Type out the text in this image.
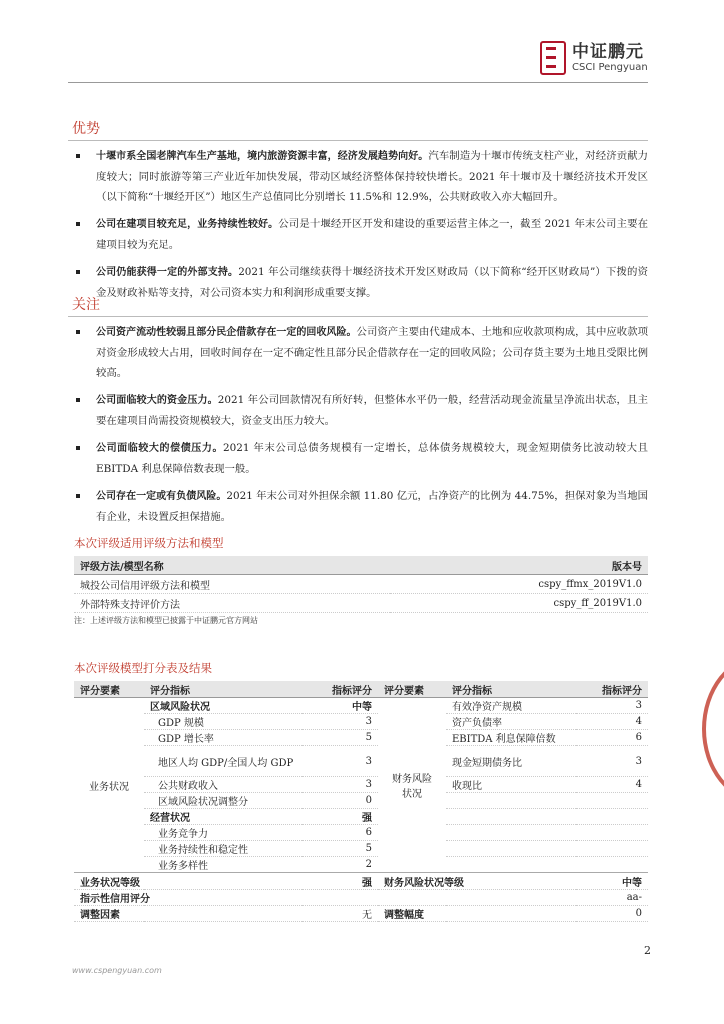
中证鹏元
CSCI Pengyuan
优势
十堰市系全国老牌汽车生产基地，境内旅游资源丰富，经济发展趋势向好。汽车制造为十堰市传统支柱产业，对经济贡献力度较大；同时旅游等第三产业近年加快发展，带动区域经济整体保持较快增长。2021 年十堰市及十堰经济技术开发区（以下简称“十堰经开区”）地区生产总值同比分别增长 11.5%和 12.9%，公共财政收入亦大幅回升。
公司在建项目较充足，业务持续性较好。公司是十堰经开区开发和建设的重要运营主体之一，截至 2021 年末公司主要在建项目较为充足。
公司仍能获得一定的外部支持。2021 年公司继续获得十堰经济技术开发区财政局（以下简称“经开区财政局”）下拨的资金及财政补贴等支持，对公司资本实力和利润形成重要支撑。
关注
公司资产流动性较弱且部分民企借款存在一定的回收风险。公司资产主要由代建成本、土地和应收款项构成，其中应收款项对资金形成较大占用，回收时间存在一定不确定性且部分民企借款存在一定的回收风险；公司存货主要为土地且受限比例较高。
公司面临较大的资金压力。2021 年公司回款情况有所好转，但整体水平仍一般，经营活动现金流量呈净流出状态，且主要在建项目尚需投资规模较大，资金支出压力较大。
公司面临较大的偿债压力。2021 年末公司总债务规模有一定增长，总体债务规模较大，现金短期债务比波动较大且 EBITDA 利息保障倍数表现一般。
公司存在一定或有负债风险。2021 年末公司对外担保余额 11.80 亿元，占净资产的比例为 44.75%，担保对象为当地国有企业，未设置反担保措施。
本次评级适用评级方法和模型
评级方法/模型名称	版本号
城投公司信用评级方法和模型	cspy_ffmx_2019V1.0
外部特殊支持评价方法	cspy_ff_2019V1.0
注：上述评级方法和模型已披露于中证鹏元官方网站
本次评级模型打分表及结果
评分要素	评分指标	指标评分	评分要素	评分指标	指标评分
业务状况	区域风险状况	中等	财务风险状况	有效净资产规模	3
	GDP 规模	3		资产负债率	4
	GDP 增长率	5		EBITDA 利息保障倍数	6
	地区人均 GDP/全国人均 GDP	3		现金短期债务比	3
	公共财政收入	3		收现比	4
	区域风险状况调整分	0			
	经营状况	强			
	业务竞争力	6			
	业务持续性和稳定性	5			
	业务多样性	2			
业务状况等级		强	财务风险状况等级		中等
指示性信用评分					aa-
调整因素		无	调整幅度		0
2
www.cspengyuan.com
